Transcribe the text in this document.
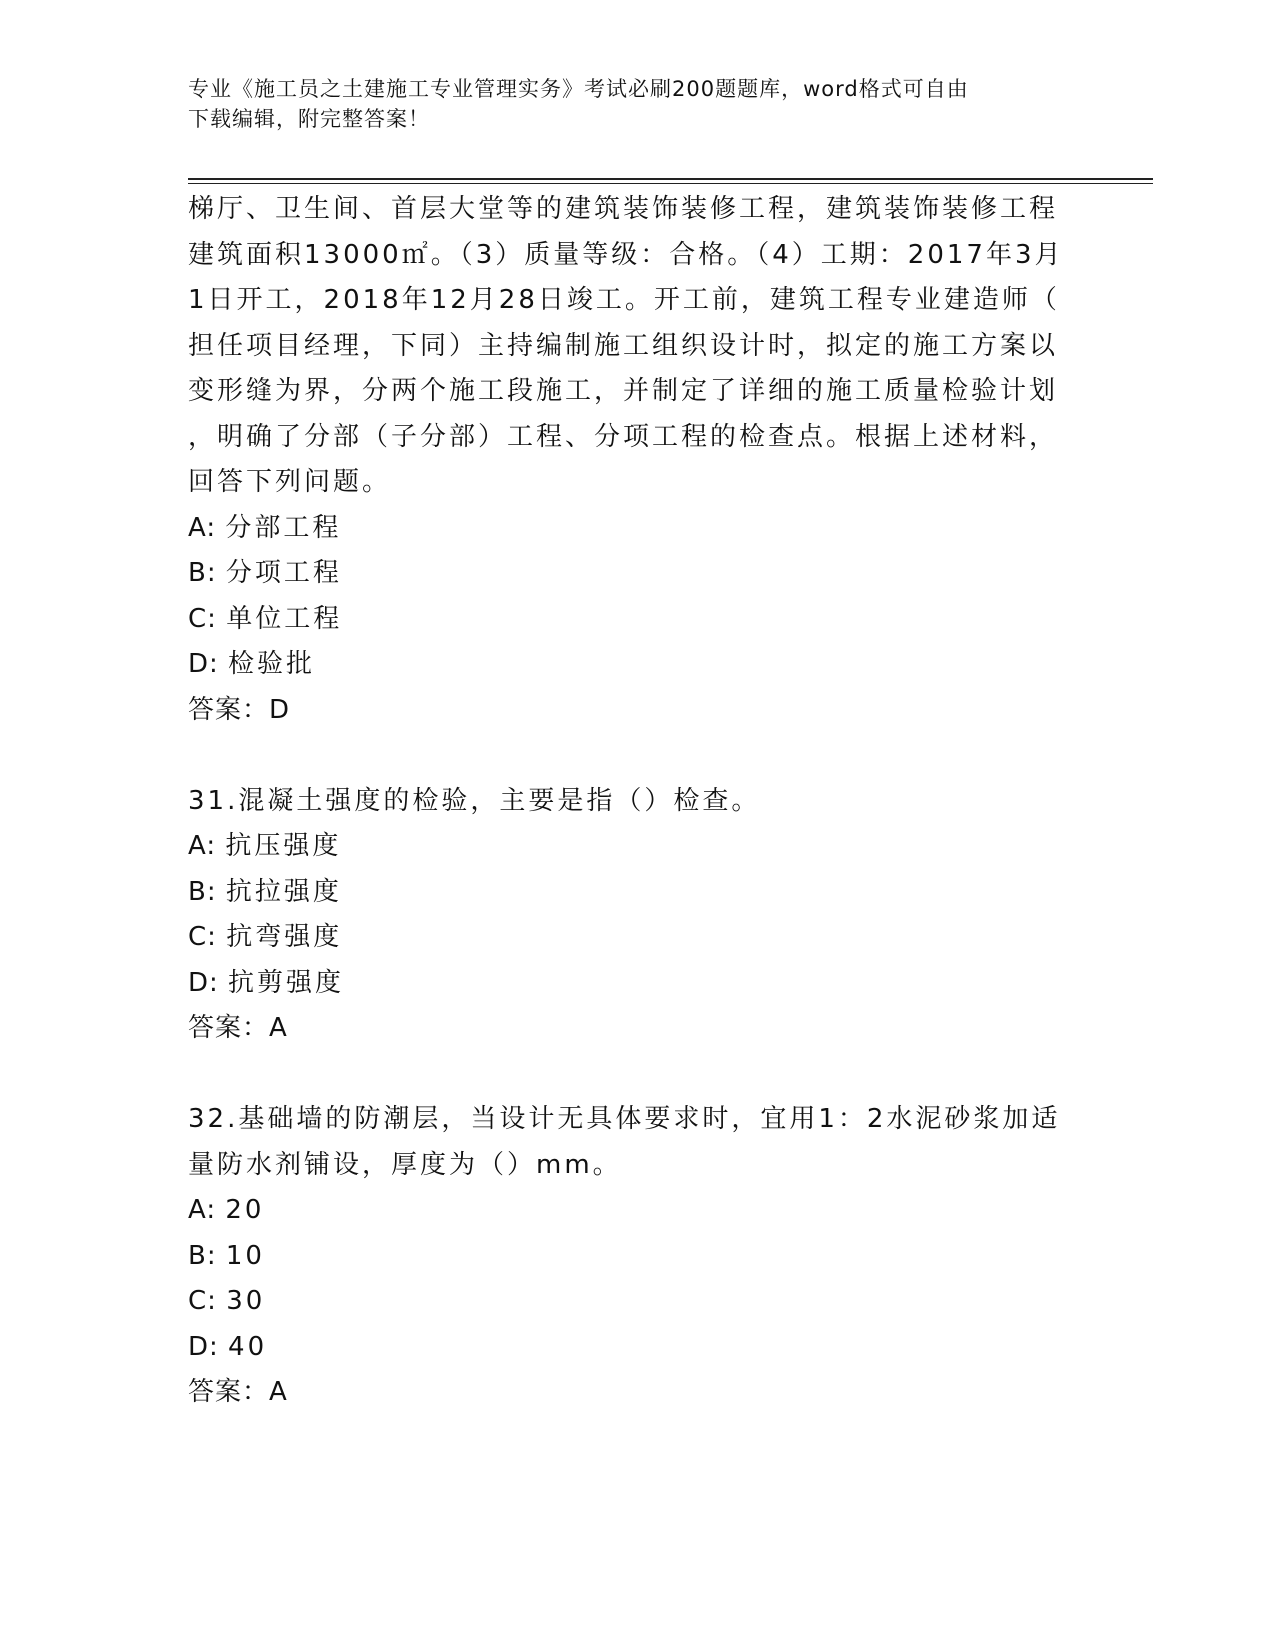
专业《施工员之土建施工专业管理实务》考试必刷200题题库，word格式可自由
下载编辑，附完整答案！

梯厅、卫生间、首层大堂等的建筑装饰装修工程，建筑装饰装修工程
建筑面积13000㎡。（3）质量等级：合格。（4）工期：2017年3月
1日开工，2018年12月28日竣工。开工前，建筑工程专业建造师（
担任项目经理，下同）主持编制施工组织设计时，拟定的施工方案以
变形缝为界，分两个施工段施工，并制定了详细的施工质量检验计划
，明确了分部（子分部）工程、分项工程的检查点。根据上述材料，
回答下列问题。

A: 分部工程

B: 分项工程

C: 单位工程

D: 检验批

答案：D

31.混凝土强度的检验，主要是指（）检查。

A: 抗压强度

B: 抗拉强度

C: 抗弯强度

D: 抗剪强度

答案：A

32.基础墙的防潮层，当设计无具体要求时，宜用1：2水泥砂浆加适
量防水剂铺设，厚度为（）mm。

A: 20

B: 10

C: 30

D: 40

答案：A
